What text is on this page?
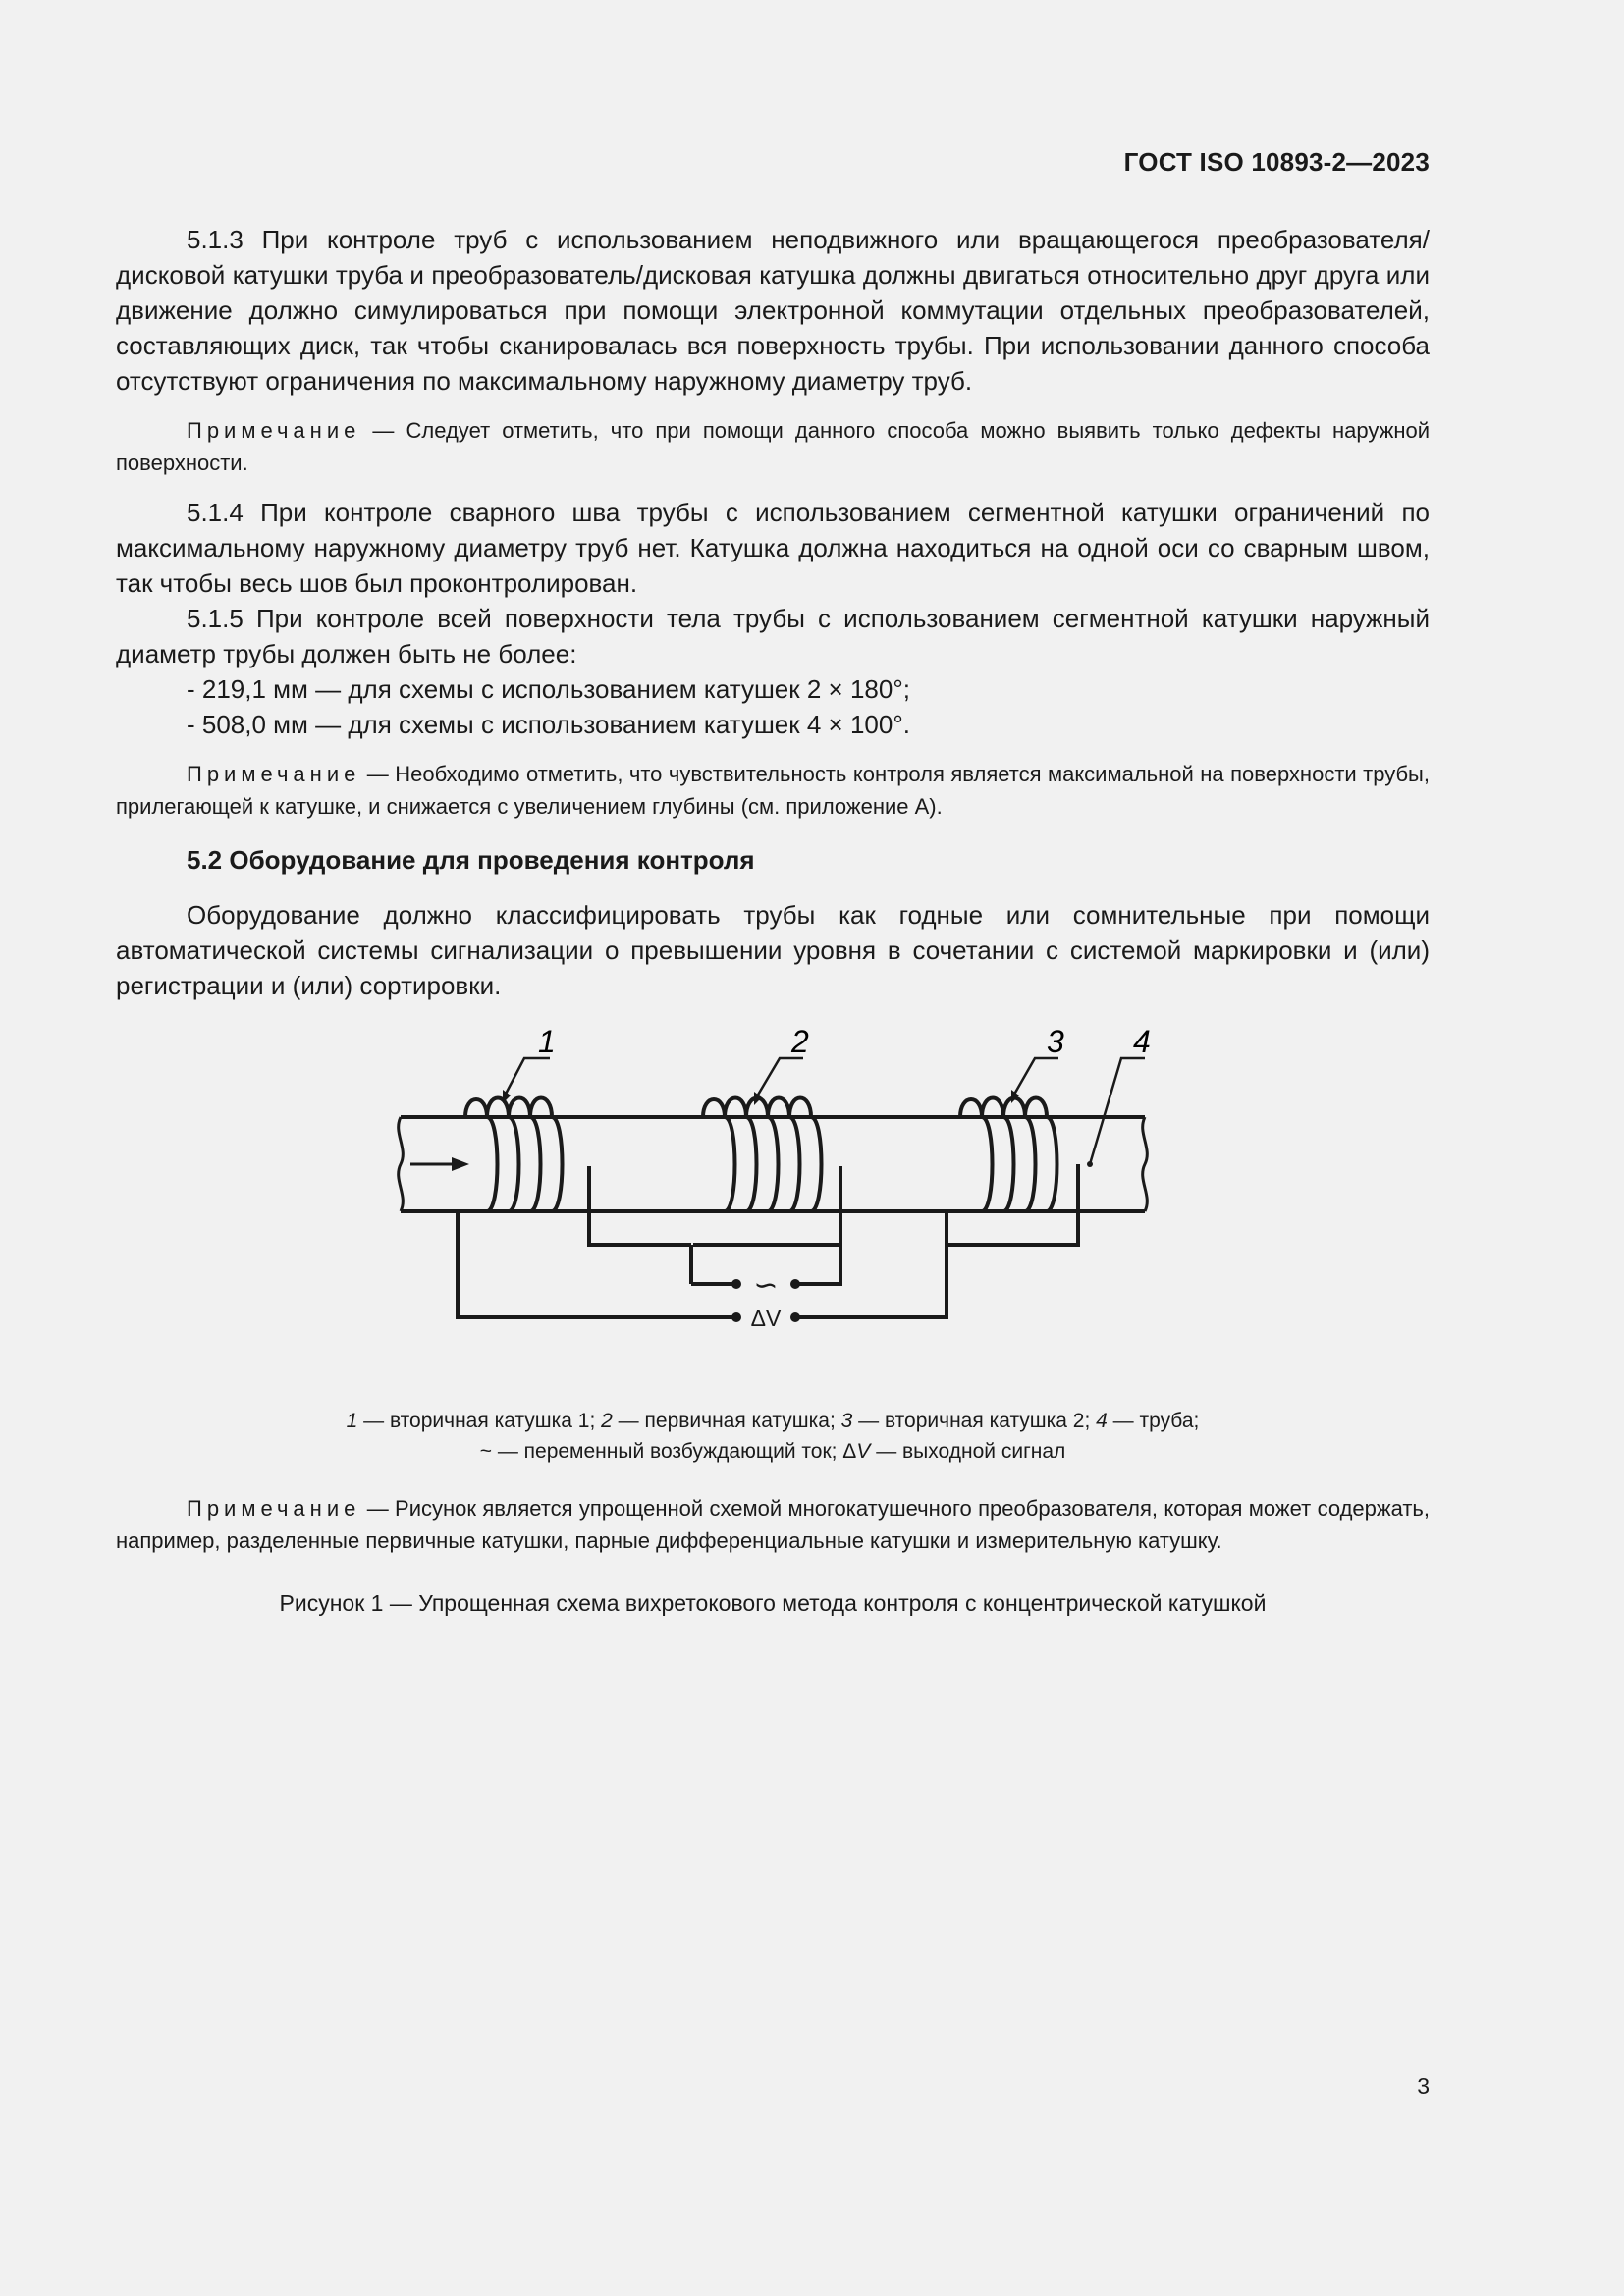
ГОСТ ISO 10893-2—2023

5.1.3 При контроле труб с использованием неподвижного или вращающегося преобразователя/дисковой катушки труба и преобразователь/дисковая катушка должны двигаться относительно друг друга или движение должно симулироваться при помощи электронной коммутации отдельных преобразователей, составляющих диск, так чтобы сканировалась вся поверхность трубы. При использовании данного способа отсутствуют ограничения по максимальному наружному диаметру труб.

Примечание — Следует отметить, что при помощи данного способа можно выявить только дефекты наружной поверхности.

5.1.4 При контроле сварного шва трубы с использованием сегментной катушки ограничений по максимальному наружному диаметру труб нет. Катушка должна находиться на одной оси со сварным швом, так чтобы весь шов был проконтролирован.

5.1.5 При контроле всей поверхности тела трубы с использованием сегментной катушки наружный диаметр трубы должен быть не более:

- 219,1 мм — для схемы с использованием катушек 2 × 180°;
- 508,0 мм — для схемы с использованием катушек 4 × 100°.

Примечание — Необходимо отметить, что чувствительность контроля является максимальной на поверхности трубы, прилегающей к катушке, и снижается с увеличением глубины (см. приложение А).

5.2 Оборудование для проведения контроля

Оборудование должно классифицировать трубы как годные или сомнительные при помощи автоматической системы сигнализации о превышении уровня в сочетании с системой маркировки и (или) регистрации и (или) сортировки.

∽
ΔV
1	2	3 4
1 — вторичная катушка 1; 2 — первичная катушка; 3 — вторичная катушка 2; 4 — труба;
~ — переменный возбуждающий ток; ΔV — выходной сигнал

Примечание — Рисунок является упрощенной схемой многокатушечного преобразователя, которая может содержать, например, разделенные первичные катушки, парные дифференциальные катушки и измерительную катушку.

Рисунок 1 — Упрощенная схема вихретокового метода контроля с концентрической катушкой
3
